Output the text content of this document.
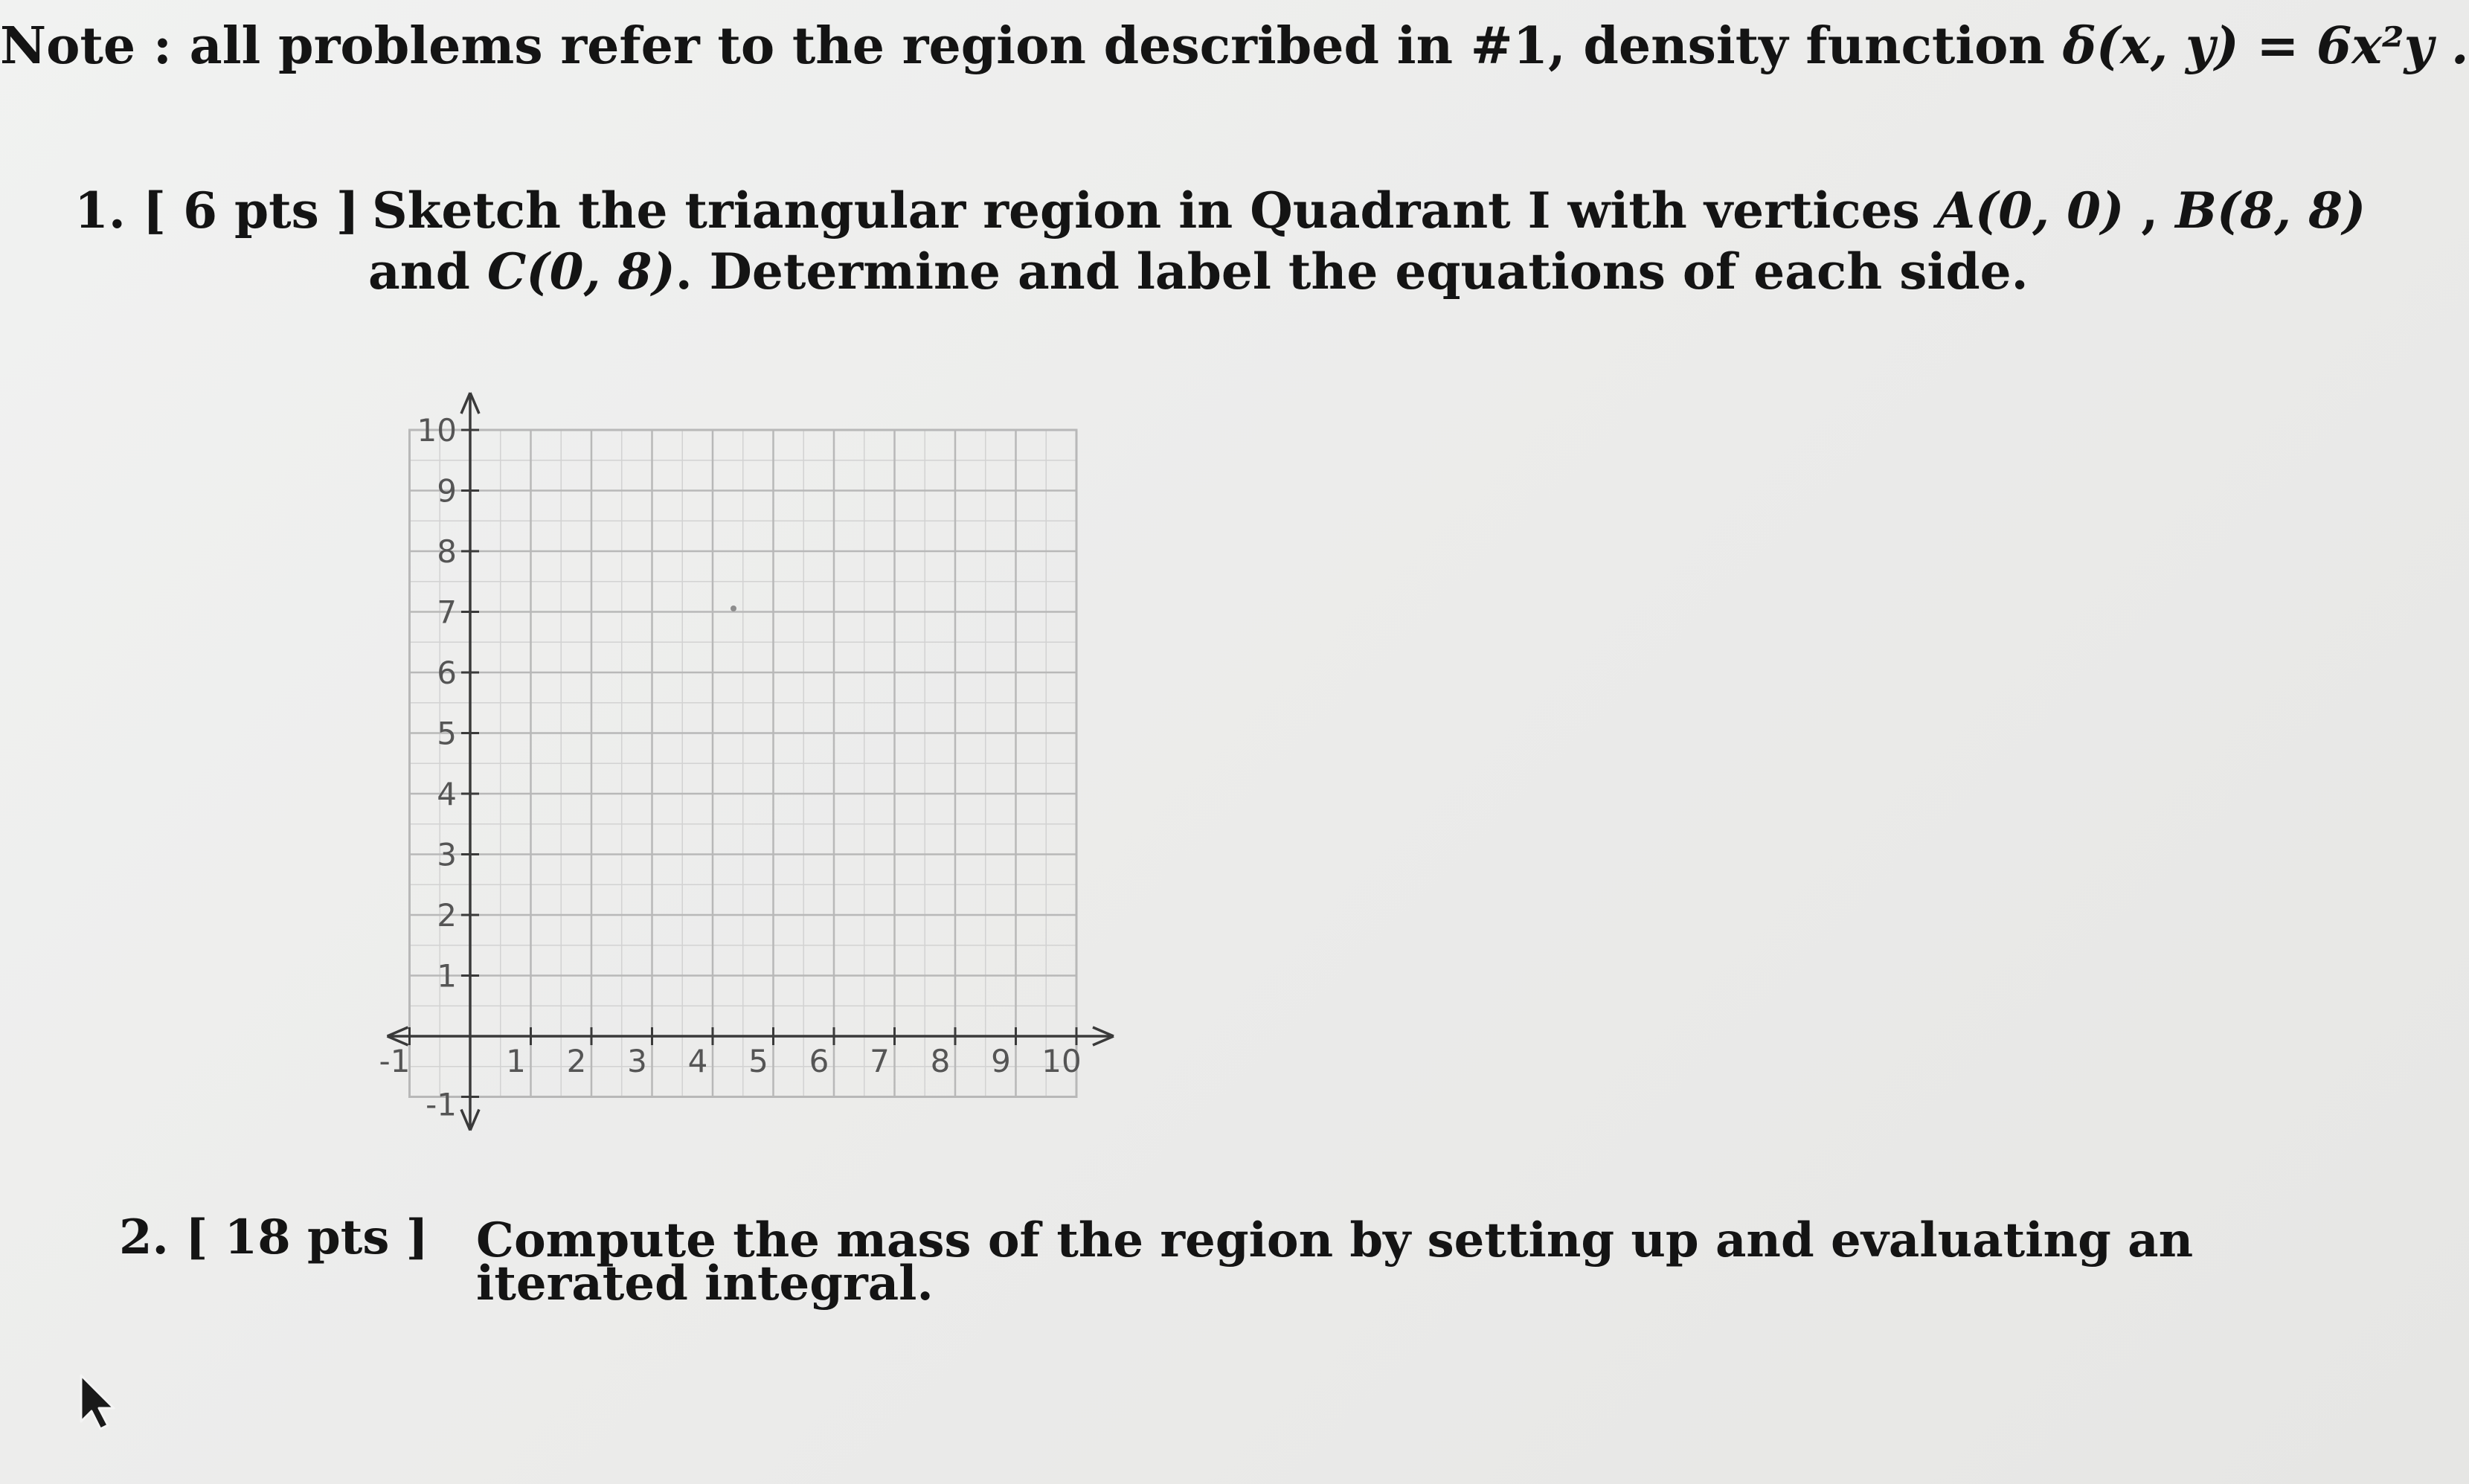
Note : all problems refer to the region described in #1, density function δ(x, y) = 6x²y .
1. [ 6 pts ] Sketch the triangular region in Quadrant I with vertices A(0, 0) , B(8, 8)
and C(0, 8). Determine and label the equations of each side.
-1	1 2 3 4 5 6 7 8 9 10
10
9
8
7
6
5
4
3
2
1
-1
2. [ 18 pts ] Compute the mass of the region by setting up and evaluating an
iterated integral.
